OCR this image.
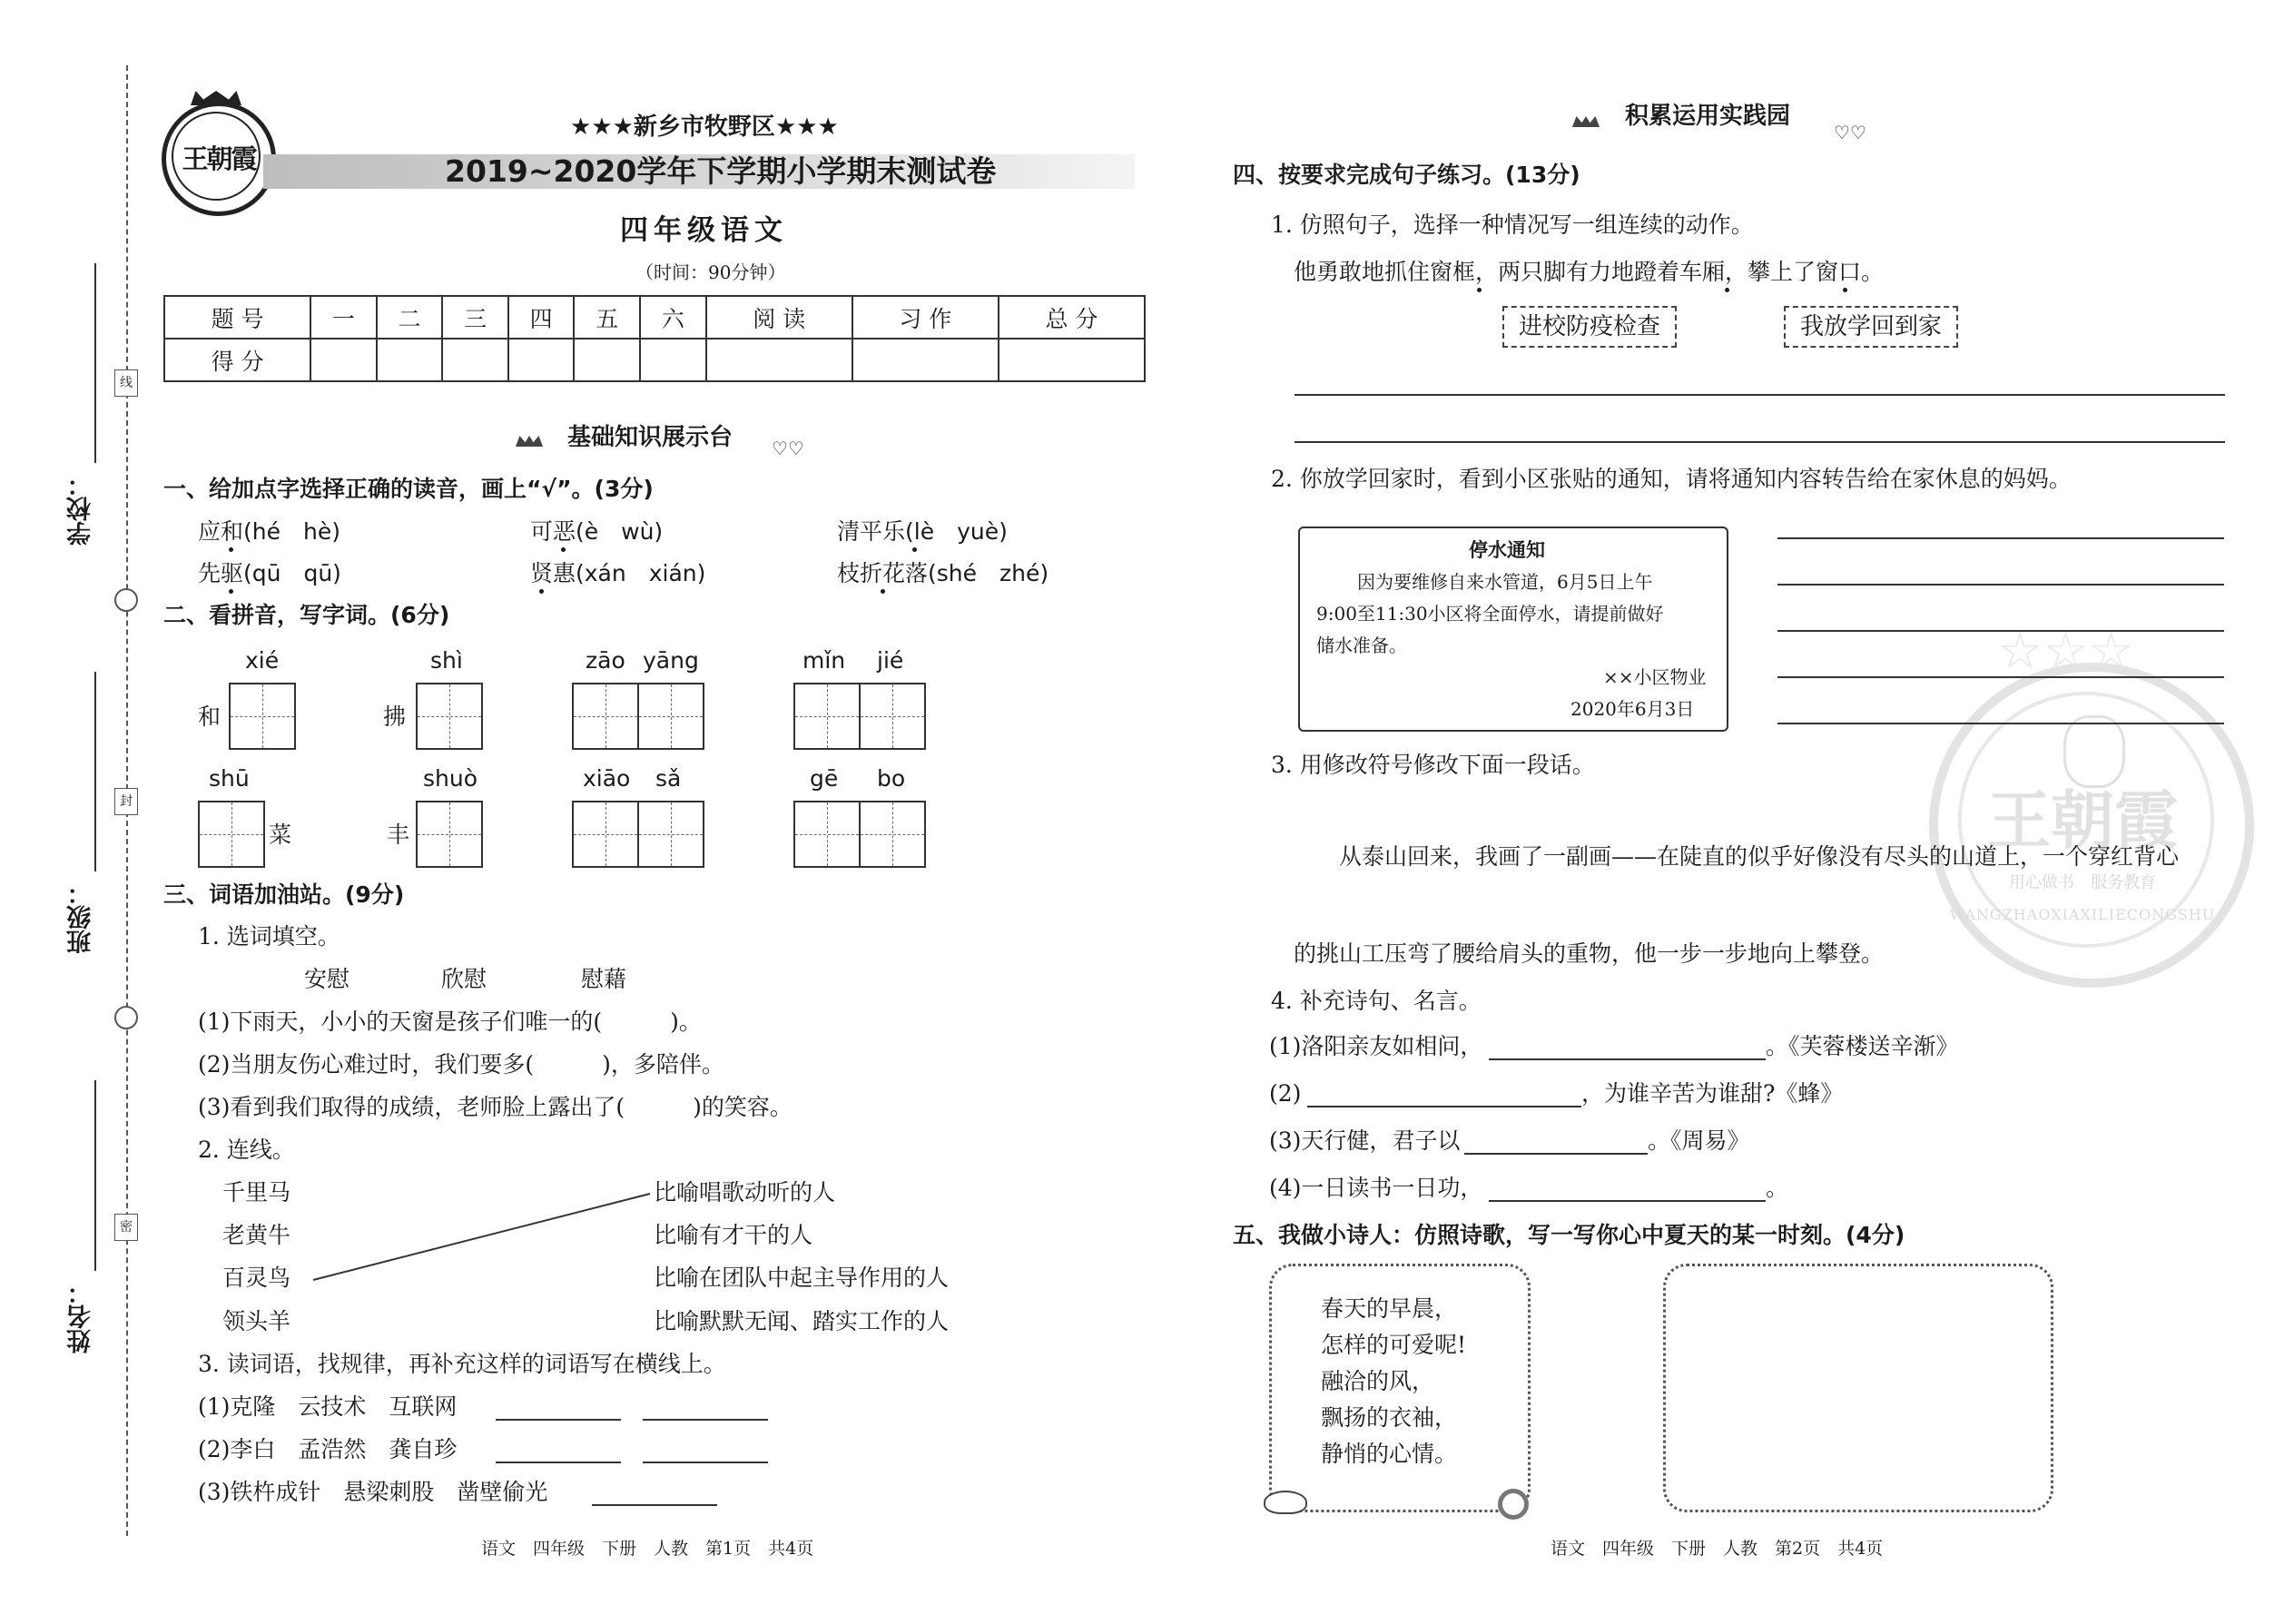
学校：
班级：
姓名：
线
封
密
王朝霞
★★★新乡市牧野区★★★
2019~2020学年下学期小学期末测试卷
四年级语文
（时间：90分钟）
题 号	一	二	三	四	五	六	阅 读	习 作	总 分
得 分									
基础知识展示台 ♡♡
一、给加点字选择正确的读音，画上“√”。(3分)
应和(hé　hè)	可恶(è　wù)	清平乐(lè　yuè)
先驱(qū　qū)	贤惠(xán　xián)	枝折花落(shé　zhé)
二、看拼音，写字词。(6分)
xié	shì	zāo yāng	mǐn jié
和	拂
shū	shuò	xiāo sǎ	gē bo
菜	丰
三、词语加油站。(9分)
1. 选词填空。
安慰	欣慰	慰藉
(1)下雨天，小小的天窗是孩子们唯一的(　　　)。
(2)当朋友伤心难过时，我们要多(　　　)，多陪伴。
(3)看到我们取得的成绩，老师脸上露出了(　　　)的笑容。
2. 连线。
千里马
老黄牛
百灵鸟
领头羊
比喻唱歌动听的人
比喻有才干的人
比喻在团队中起主导作用的人
比喻默默无闻、踏实工作的人
3. 读词语，找规律，再补充这样的词语写在横线上。
(1)克隆　云技术　互联网
(2)李白　孟浩然　龚自珍
(3)铁杵成针　悬梁刺股　凿壁偷光
语文　四年级　下册　人教　第1页　共4页
积累运用实践园
♡♡
王朝霞
用心做书　服务教育
WANGZHAOXIAXILIECONGSHU
☆☆☆
四、按要求完成句子练习。(13分)
1. 仿照句子，选择一种情况写一组连续的动作。
他勇敢地抓住窗框，两只脚有力地蹬着车厢，攀上了窗口。
进校防疫检查	我放学回到家
2. 你放学回家时，看到小区张贴的通知，请将通知内容转告给在家休息的妈妈。
停水通知
因为要维修自来水管道，6月5日上午
9:00至11:30小区将全面停水，请提前做好
储水准备。
××小区物业
2020年6月3日
3. 用修改符号修改下面一段话。
从泰山回来，我画了一副画——在陡直的似乎好像没有尽头的山道上，一个穿红背心
的挑山工压弯了腰给肩头的重物，他一步一步地向上攀登。
4. 补充诗句、名言。
(1)洛阳亲友如相问，	。《芙蓉楼送辛渐》
(2)	，为谁辛苦为谁甜?《蜂》
(3)天行健，君子以	。《周易》
(4)一日读书一日功，	。
五、我做小诗人：仿照诗歌，写一写你心中夏天的某一时刻。(4分)
春天的早晨，
怎样的可爱呢!
融洽的风，
飘扬的衣袖，
静悄的心情。
语文　四年级　下册　人教　第2页　共4页
